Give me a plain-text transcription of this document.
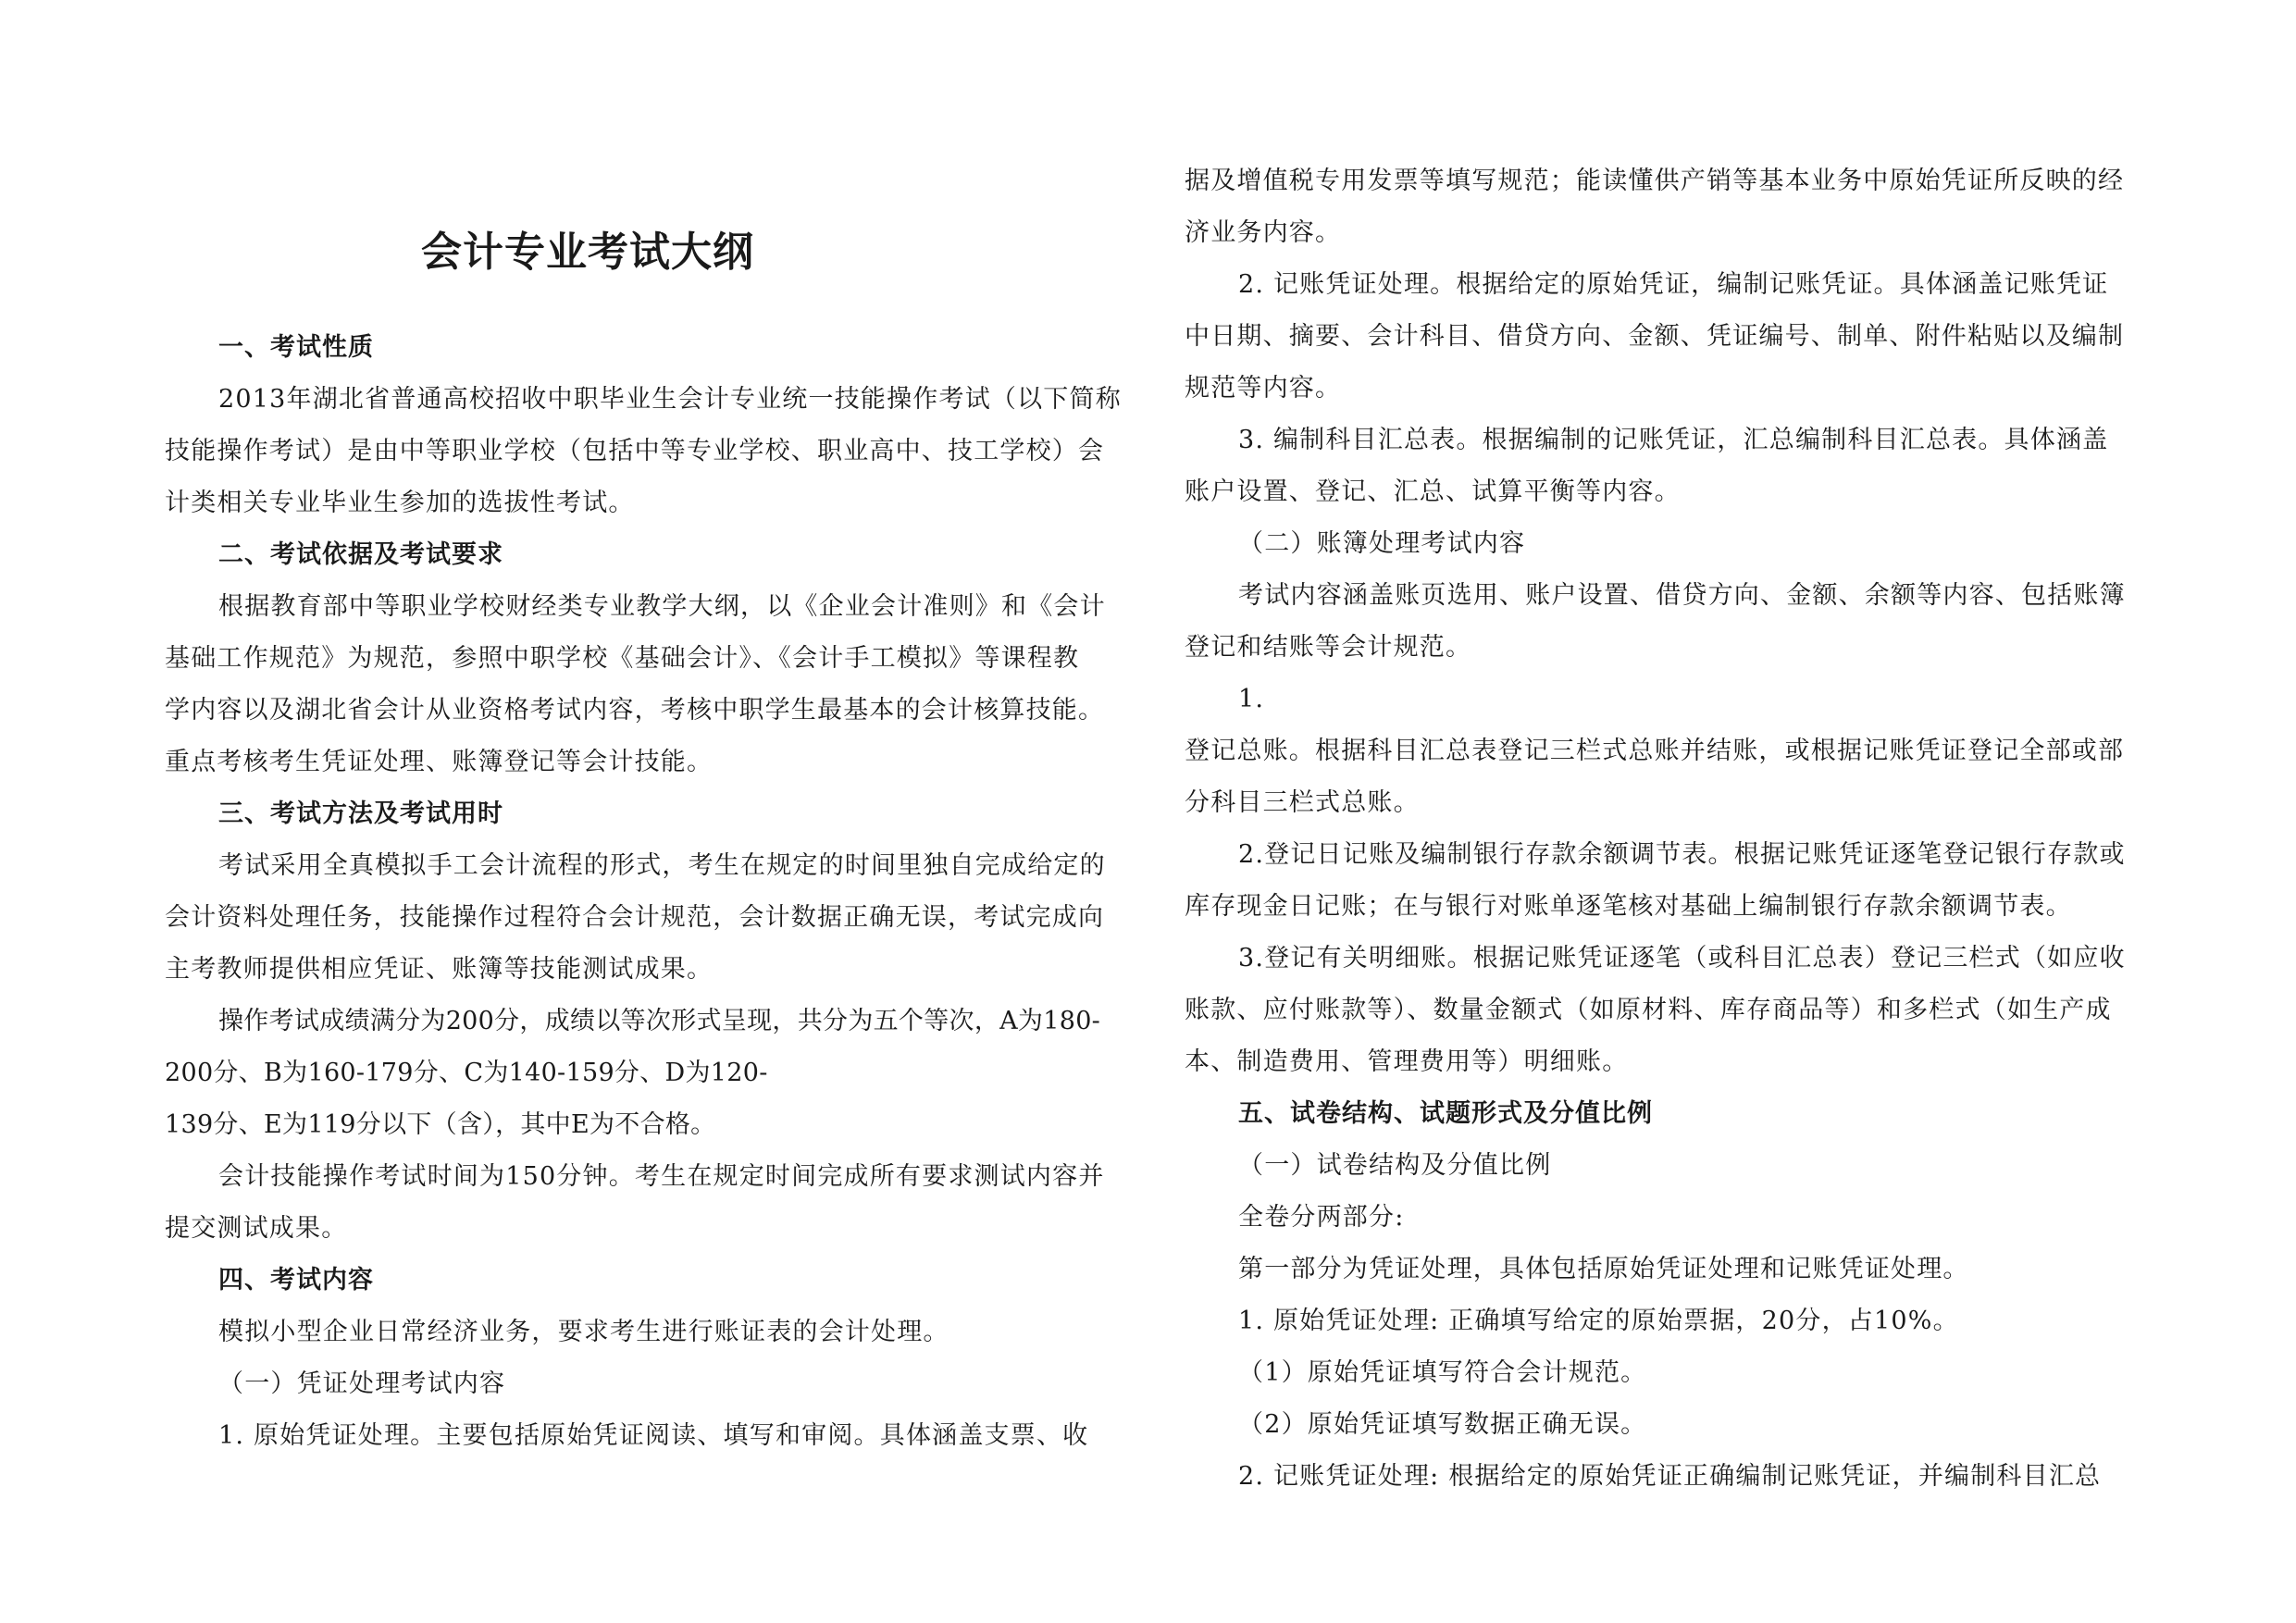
会计专业考试大纲
一、考试性质
2013年湖北省普通高校招收中职毕业生会计专业统一技能操作考试（以下简称
技能操作考试）是由中等职业学校（包括中等专业学校、职业高中、技工学校）会
计类相关专业毕业生参加的选拔性考试。
二、考试依据及考试要求
根据教育部中等职业学校财经类专业教学大纲，以《企业会计准则》和《会计
基础工作规范》为规范，参照中职学校《基础会计》、《会计手工模拟》等课程教
学内容以及湖北省会计从业资格考试内容，考核中职学生最基本的会计核算技能。
重点考核考生凭证处理、账簿登记等会计技能。
三、考试方法及考试用时
考试采用全真模拟手工会计流程的形式，考生在规定的时间里独自完成给定的
会计资料处理任务，技能操作过程符合会计规范，会计数据正确无误，考试完成向
主考教师提供相应凭证、账簿等技能测试成果。
操作考试成绩满分为200分，成绩以等次形式呈现，共分为五个等次，A为180-
200分、B为160-179分、C为140-159分、D为120-
139分、E为119分以下（含），其中E为不合格。
会计技能操作考试时间为150分钟。考生在规定时间完成所有要求测试内容并
提交测试成果。
四、考试内容
模拟小型企业日常经济业务，要求考生进行账证表的会计处理。
（一）凭证处理考试内容
1. 原始凭证处理。主要包括原始凭证阅读、填写和审阅。具体涵盖支票、收
据及增值税专用发票等填写规范；能读懂供产销等基本业务中原始凭证所反映的经
济业务内容。
2. 记账凭证处理。根据给定的原始凭证，编制记账凭证。具体涵盖记账凭证
中日期、摘要、会计科目、借贷方向、金额、凭证编号、制单、附件粘贴以及编制
规范等内容。
3. 编制科目汇总表。根据编制的记账凭证，汇总编制科目汇总表。具体涵盖
账户设置、登记、汇总、试算平衡等内容。
（二）账簿处理考试内容
考试内容涵盖账页选用、账户设置、借贷方向、金额、余额等内容、包括账簿
登记和结账等会计规范。
1.
登记总账。根据科目汇总表登记三栏式总账并结账，或根据记账凭证登记全部或部
分科目三栏式总账。
2.登记日记账及编制银行存款余额调节表。根据记账凭证逐笔登记银行存款或
库存现金日记账；在与银行对账单逐笔核对基础上编制银行存款余额调节表。
3.登记有关明细账。根据记账凭证逐笔（或科目汇总表）登记三栏式（如应收
账款、应付账款等）、数量金额式（如原材料、库存商品等）和多栏式（如生产成
本、制造费用、管理费用等）明细账。
五、试卷结构、试题形式及分值比例
（一）试卷结构及分值比例
全卷分两部分:
第一部分为凭证处理，具体包括原始凭证处理和记账凭证处理。
1. 原始凭证处理: 正确填写给定的原始票据，20分，占10%。
（1）原始凭证填写符合会计规范。
（2）原始凭证填写数据正确无误。
2. 记账凭证处理: 根据给定的原始凭证正确编制记账凭证，并编制科目汇总
